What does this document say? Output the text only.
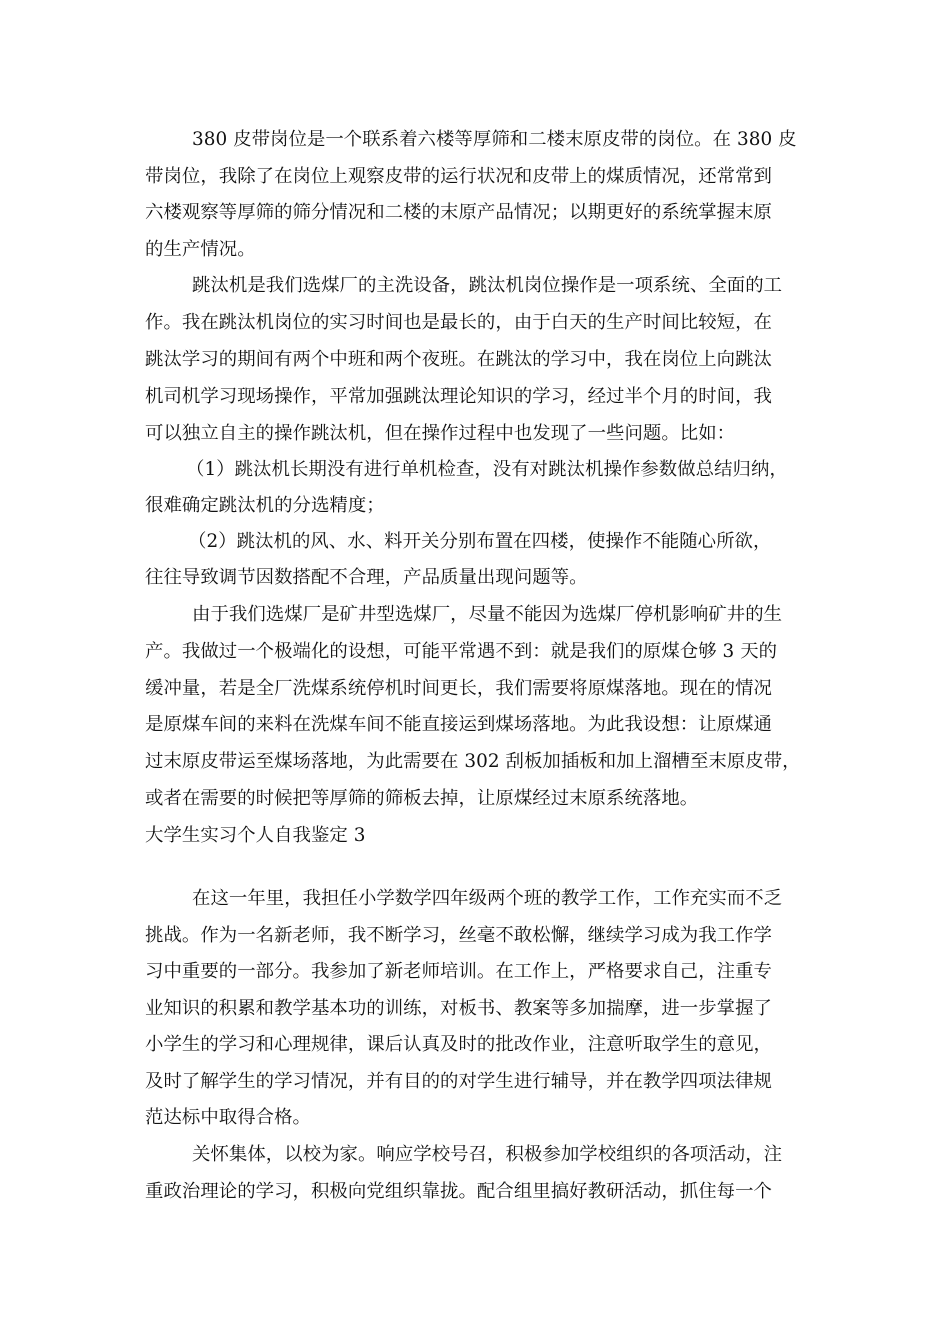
380 皮带岗位是一个联系着六楼等厚筛和二楼末原皮带的岗位。在 380 皮

带岗位，我除了在岗位上观察皮带的运行状况和皮带上的煤质情况，还常常到

六楼观察等厚筛的筛分情况和二楼的末原产品情况；以期更好的系统掌握末原

的生产情况。

跳汰机是我们选煤厂的主洗设备，跳汰机岗位操作是一项系统、全面的工

作。我在跳汰机岗位的实习时间也是最长的，由于白天的生产时间比较短，在

跳汰学习的期间有两个中班和两个夜班。在跳汰的学习中，我在岗位上向跳汰

机司机学习现场操作，平常加强跳汰理论知识的学习，经过半个月的时间，我

可以独立自主的操作跳汰机，但在操作过程中也发现了一些问题。比如：

（1）跳汰机长期没有进行单机检查，没有对跳汰机操作参数做总结归纳，

很难确定跳汰机的分选精度；

（2）跳汰机的风、水、料开关分别布置在四楼，使操作不能随心所欲，

往往导致调节因数搭配不合理，产品质量出现问题等。

由于我们选煤厂是矿井型选煤厂，尽量不能因为选煤厂停机影响矿井的生

产。我做过一个极端化的设想，可能平常遇不到：就是我们的原煤仓够 3 天的

缓冲量，若是全厂洗煤系统停机时间更长，我们需要将原煤落地。现在的情况

是原煤车间的来料在洗煤车间不能直接运到煤场落地。为此我设想：让原煤通

过末原皮带运至煤场落地，为此需要在 302 刮板加插板和加上溜槽至末原皮带，

或者在需要的时候把等厚筛的筛板去掉，让原煤经过末原系统落地。

大学生实习个人自我鉴定 3

在这一年里，我担任小学数学四年级两个班的教学工作，工作充实而不乏

挑战。作为一名新老师，我不断学习，丝毫不敢松懈，继续学习成为我工作学

习中重要的一部分。我参加了新老师培训。在工作上，严格要求自己，注重专

业知识的积累和教学基本功的训练，对板书、教案等多加揣摩，进一步掌握了

小学生的学习和心理规律，课后认真及时的批改作业，注意听取学生的意见，

及时了解学生的学习情况，并有目的的对学生进行辅导，并在教学四项法律规

范达标中取得合格。

关怀集体，以校为家。响应学校号召，积极参加学校组织的各项活动，注

重政治理论的学习，积极向党组织靠拢。配合组里搞好教研活动，抓住每一个
